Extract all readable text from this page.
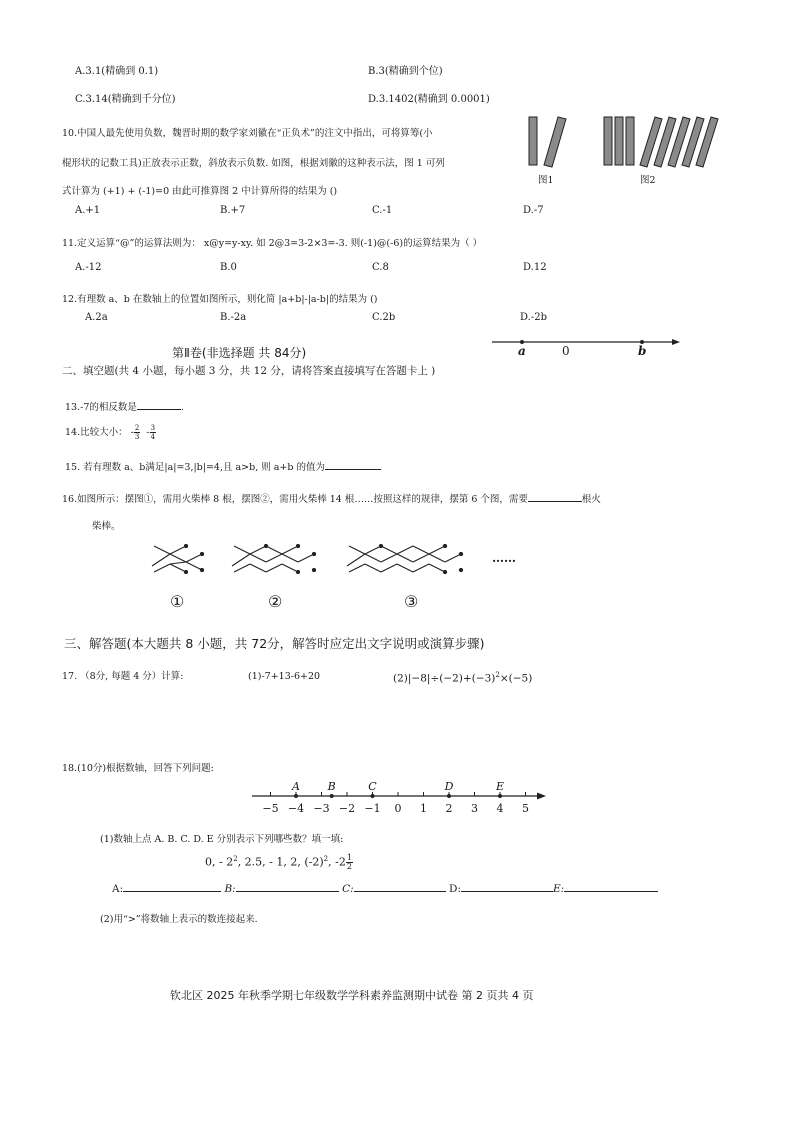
A.3.1(精确到 0.1)	B.3(精确到个位)
C.3.14(精确到千分位)	D.3.1402(精确到 0.0001)
10.中国人最先使用负数，魏晋时期的数学家刘徽在“正负术”的注文中指出，可将算筹(小
棍形状的记数工具)正放表示正数，斜放表示负数. 如图，根据刘徽的这种表示法，图 1 可列
式计算为 (+1) + (-1)=0 由此可推算图 2 中计算所得的结果为 ()
图1	图2
A.+1	B.+7	C.-1	D.-7
11.定义运算“@”的运算法则为： x@y=y-xy. 如 2@3=3-2×3=-3. 则(-1)@(-6)的运算结果为（ ）
A.-12	B.0	C.8	D.12
12.有理数 a、b 在数轴上的位置如图所示，则化简 |a+b|-|a-b|的结果为 ()
A.2a	B.-2a	C.2b	D.-2b
a	0	b
第Ⅱ卷(非选择题 共 84分)
二、填空题(共 4 小题，每小题 3 分，共 12 分，请将答案直接填写在答题卡上 )
13.-7的相反数是	.
14.比较大小： - $\frac{2}{3} - \frac{3}{4}$
15. 若有理数 a、b满足|a|=3,|b|=4,且 a>b, 则 a+b 的值为
16.如图所示：摆图①，需用火柴棒 8 根，摆图②，需用火柴棒 14 根……按照这样的规律，摆第 6 个图，需要	根火
柴棒。
……
①	②	③
三、解答题(本大题共 8 小题，共 72分，解答时应定出文字说明或演算步骤)
17. （8分, 每题 4 分）计算:	(1)-7+13-6+20	$(2)|-8|\div(-2)+(-3)^2\times(-5)$
18.(10分)根据数轴，回答下列问题:
−5 −4 −3 −2 −1 0 1 2 3 4 5
A	B	C	D	E
(1)数轴上点 A. B. C. D. E 分别表示下列哪些数？填一填:
0, - $2^2$, 2.5, - 1, 2, $(-2)^2$, $-2 \frac{1}{2}$
A:	B:	C:	D:	E:
(2)用“>”将数轴上表示的数连接起来.
钦北区 2025 年秋季学期七年级数学学科素养监测期中试卷 第 2 页共 4 页
